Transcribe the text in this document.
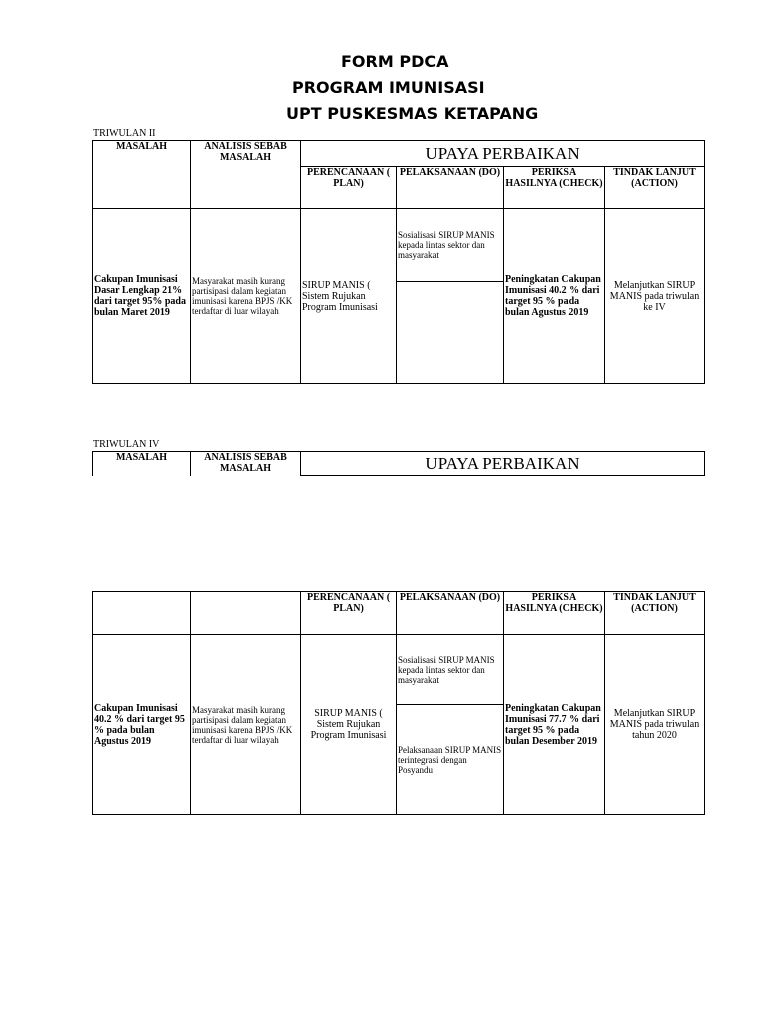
FORM PDCA
PROGRAM IMUNISASI
UPT PUSKESMAS KETAPANG
TRIWULAN II
MASALAH	ANALISIS SEBAB MASALAH	UPAYA PERBAIKAN			
		PERENCANAAN ( PLAN)	PELAKSANAAN (DO)	PERIKSA HASILNYA (CHECK)	TINDAK LANJUT (ACTION)
Cakupan Imunisasi Dasar Lengkap 21% dari target 95% pada bulan Maret 2019	Masyarakat masih kurang partisipasi dalam kegiatan imunisasi karena BPJS /KK terdaftar di luar wilayah	SIRUP MANIS ( Sistem Rujukan Program Imunisasi	Sosialisasi SIRUP MANIS kepada lintas sektor dan masyarakat	Peningkatan Cakupan Imunisasi 40.2 % dari target 95 % pada bulan Agustus 2019	Melanjutkan SIRUP MANIS pada triwulan ke IV

TRIWULAN IV
MASALAH	ANALISIS SEBAB MASALAH	UPAYA PERBAIKAN
		PERENCANAAN ( PLAN)	PELAKSANAAN (DO)	PERIKSA HASILNYA (CHECK)	TINDAK LANJUT (ACTION)
Cakupan Imunisasi 40.2 % dari target 95 % pada bulan Agustus 2019	Masyarakat masih kurang partisipasi dalam kegiatan imunisasi karena BPJS /KK terdaftar di luar wilayah	SIRUP MANIS ( Sistem Rujukan Program Imunisasi	Sosialisasi SIRUP MANIS kepada lintas sektor dan masyarakat	Peningkatan Cakupan Imunisasi 77.7 % dari target 95 % pada bulan Desember 2019	Melanjutkan SIRUP MANIS pada triwulan tahun 2020
			Pelaksanaan SIRUP MANIS terintegrasi dengan Posyandu		
